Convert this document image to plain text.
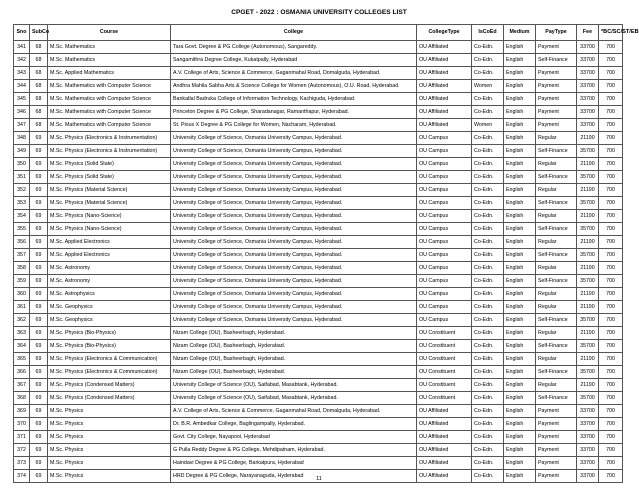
CPGET - 2022 : OSMANIA UNIVERSITY COLLEGES LIST
Sno	SubCo	Course	College	CollegeType	IsCoEd	Medium	PayType	Fee	*BC/SC/ST/EB
341	68	M.Sc. Mathematics	Tara Govt. Degree & PG College (Autonomous), Sangareddy.	OU Affiliated	Co-Edn.	English	Payment	33700	700
342	68	M.Sc. Mathematics	Sangamithra Degree College, Kukatpally, Hyderabad	OU Affiliated	Co-Edn.	English	Self-Finance	33700	700
343	68	M.Sc. Applied Mathematics	A.V. College of Arts, Science & Commerce, Gaganmahal Road, Domalguda, Hyderabad.	OU Affiliated	Co-Edn.	English	Payment	33700	700
344	68	M.Sc. Mathematics with Computer Science	Andhra Mahila Sabha Arts & Science College for Women (Autonomous), O.U. Road, Hyderabad.	OU Affiliated	Women	English	Payment	33700	700
345	68	M.Sc. Mathematics with Computer Science	Bankatlal Badruka College of Information Technology, Kachiguda, Hyderabad.	OU Affiliated	Co-Edn.	English	Payment	33700	700
346	68	M.Sc. Mathematics with Computer Science	Princeton Degree & PG College, Sharadanagar, Ramanthapur, Hyderabad.	OU Affiliated	Co-Edn.	English	Payment	33700	700
347	68	M.Sc. Mathematics with Computer Science	St. Pious X Degree & PG College for Women, Nacharam, Hyderabad.	OU Affiliated	Women	English	Payment	33700	700
348	69	M.Sc. Physics (Electronics & Instrumentation)	University College of Science, Osmania University Campus, Hyderabad.	OU Campus	Co-Edn.	English	Regular	21190	700
349	69	M.Sc. Physics (Electronics & Instrumentation)	University College of Science, Osmania University Campus, Hyderabad.	OU Campus	Co-Edn.	English	Self-Finance	35700	700
350	69	M.Sc. Physics (Solid State)	University College of Science, Osmania University Campus, Hyderabad.	OU Campus	Co-Edn.	English	Regular	21190	700
351	69	M.Sc. Physics (Solid State)	University College of Science, Osmania University Campus, Hyderabad.	OU Campus	Co-Edn.	English	Self-Finance	35700	700
352	69	M.Sc. Physics (Material Science)	University College of Science, Osmania University Campus, Hyderabad.	OU Campus	Co-Edn.	English	Regular	21190	700
353	69	M.Sc. Physics (Material Science)	University College of Science, Osmania University Campus, Hyderabad.	OU Campus	Co-Edn.	English	Self-Finance	35700	700
354	69	M.Sc. Physics (Nano-Science)	University College of Science, Osmania University Campus, Hyderabad.	OU Campus	Co-Edn.	English	Regular	21190	700
355	69	M.Sc. Physics (Nano-Science)	University College of Science, Osmania University Campus, Hyderabad.	OU Campus	Co-Edn.	English	Self-Finance	35700	700
356	69	M.Sc. Applied Electronics	University College of Science, Osmania University Campus, Hyderabad.	OU Campus	Co-Edn.	English	Regular	21190	700
357	69	M.Sc. Applied Electronics	University College of Science, Osmania University Campus, Hyderabad.	OU Campus	Co-Edn.	English	Self-Finance	35700	700
358	69	M.Sc. Astronomy	University College of Science, Osmania University Campus, Hyderabad.	OU Campus	Co-Edn.	English	Regular	21190	700
359	69	M.Sc. Astronomy	University College of Science, Osmania University Campus, Hyderabad.	OU Campus	Co-Edn.	English	Self-Finance	35700	700
360	69	M.Sc. Astrophysics	University College of Science, Osmania University Campus, Hyderabad.	OU Campus	Co-Edn.	English	Regular	21190	700
361	69	M.Sc. Geophysics	University College of Science, Osmania University Campus, Hyderabad.	OU Campus	Co-Edn.	English	Regular	21190	700
362	69	M.Sc. Geophysics	University College of Science, Osmania University Campus, Hyderabad.	OU Campus	Co-Edn.	English	Self-Finance	35700	700
363	69	M.Sc. Physics (Bio-Physics)	Nizam College (OU), Basheerbagh, Hyderabad.	OU Constituent	Co-Edn.	English	Regular	21190	700
364	69	M.Sc. Physics (Bio-Physics)	Nizam College (OU), Basheerbagh, Hyderabad.	OU Constituent	Co-Edn.	English	Self-Finance	35700	700
365	69	M.Sc. Physics (Electronics & Communication)	Nizam College (OU), Basheerbagh, Hyderabad.	OU Constituent	Co-Edn.	English	Regular	21190	700
366	69	M.Sc. Physics (Electronics & Communication)	Nizam College (OU), Basheerbagh, Hyderabad.	OU Constituent	Co-Edn.	English	Self-Finance	35700	700
367	69	M.Sc. Physics (Condensed Matters)	University College of Science (OU), Saifabad, Masabtank, Hyderabad.	OU Constituent	Co-Edn.	English	Regular	21190	700
368	69	M.Sc. Physics (Condensed Matters)	University College of Science (OU), Saifabad, Masabtank, Hyderabad.	OU Constituent	Co-Edn.	English	Self-Finance	35700	700
369	69	M.Sc. Physics	A.V. College of Arts, Science & Commerce, Gaganmahal Road, Domalguda, Hyderabad.	OU Affiliated	Co-Edn.	English	Payment	33700	700
370	69	M.Sc. Physics	Dr. B.R. Ambedkar College, Baglingampally, Hyderabad.	OU Affiliated	Co-Edn.	English	Payment	33700	700
371	69	M.Sc. Physics	Govt. City College, Nayapool, Hyderabad	OU Affiliated	Co-Edn.	English	Payment	33700	700
372	69	M.Sc. Physics	G Pulla Reddy Degree & PG College, Mehdipatnam, Hyderabad.	OU Affiliated	Co-Edn.	English	Payment	33700	700
373	69	M.Sc. Physics	Haindavi Degree & PG College, Barkatpura, Hyderabad	OU Affiliated	Co-Edn.	English	Payment	33700	700
374	69	M.Sc. Physics	HRD Degree & PG College, Narayanaguda, Hyderabad	OU Affiliated	Co-Edn.	English	Payment	33700	700
11
